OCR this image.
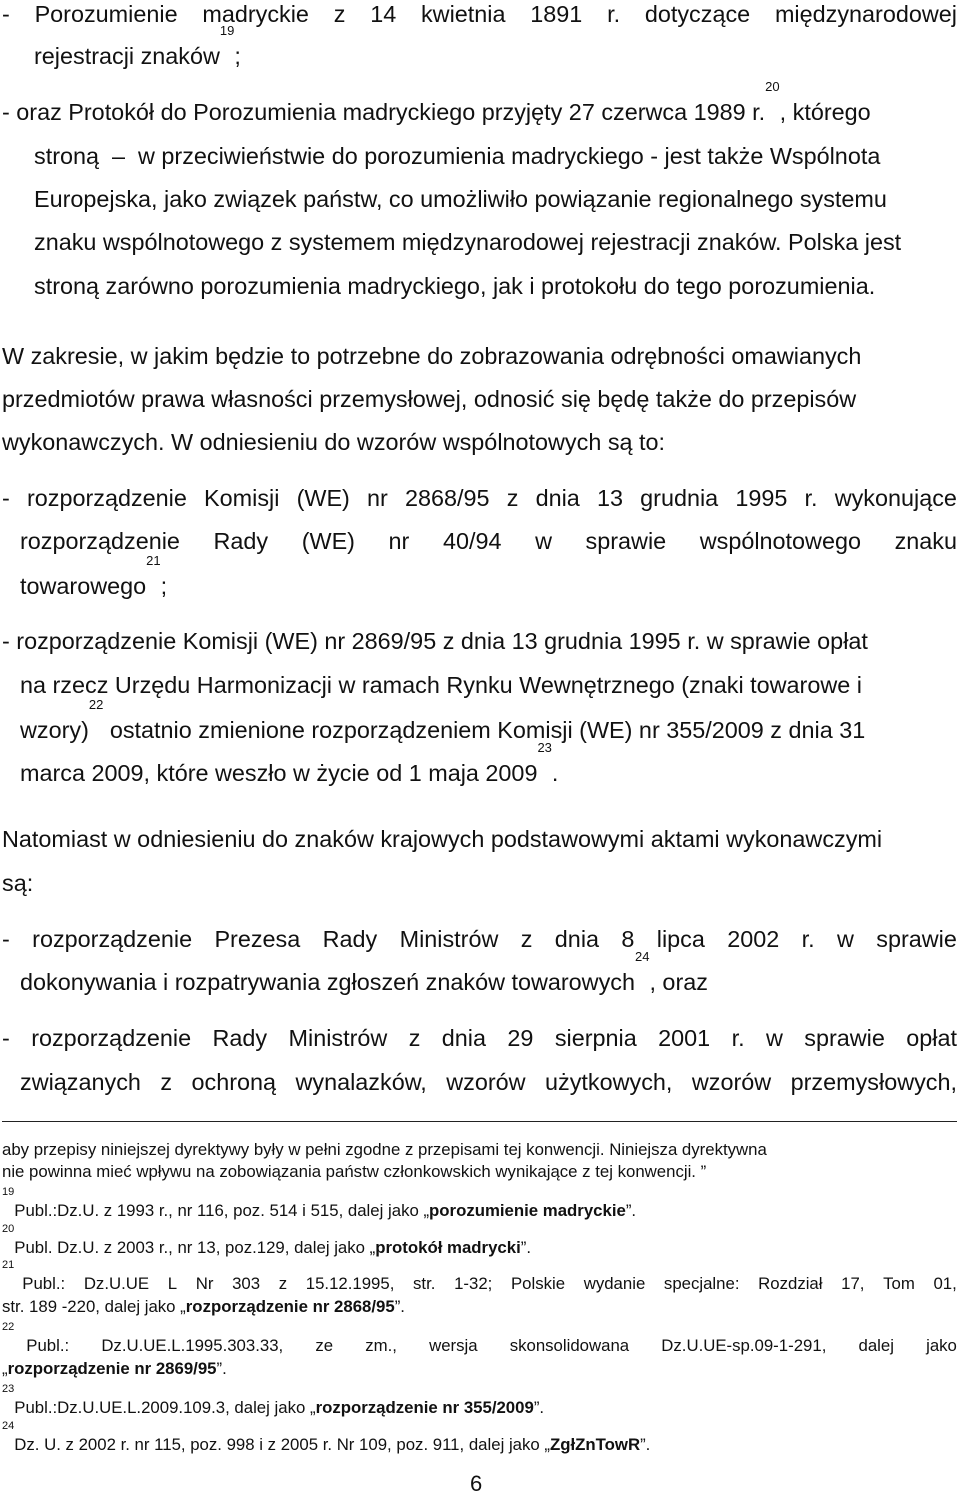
- Porozumienie madryckie z 14 kwietnia 1891 r. dotyczące międzynarodowej
rejestracji znaków
$^{19}$
;
- oraz Protokół do Porozumienia madryckiego przyjęty 27 czerwca 1989 r.
$^{20}$
, którego
stroną  –  w przeciwieństwie do porozumienia madryckiego - jest także Wspólnota
Europejska, jako związek państw, co umożliwiło powiązanie regionalnego systemu
znaku wspólnotowego z systemem międzynarodowej rejestracji znaków. Polska jest
stroną zarówno porozumienia madryckiego, jak i protokołu do tego porozumienia.
W zakresie, w jakim będzie to potrzebne do zobrazowania odrębności omawianych
przedmiotów prawa własności przemysłowej, odnosić się będę także do przepisów
wykonawczych. W odniesieniu do wzorów wspólnotowych są to:
- rozporządzenie Komisji (WE) nr 2868/95 z dnia 13 grudnia 1995 r. wykonujące
rozporządzenie Rady (WE) nr 40/94 w sprawie wspólnotowego znaku
towarowego
$^{21}$
;
- rozporządzenie Komisji (WE) nr 2869/95 z dnia 13 grudnia 1995 r. w sprawie opłat
na rzecz Urzędu Harmonizacji w ramach Rynku Wewnętrznego (znaki towarowe i
wzory)
$^{22}$
ostatnio zmienione rozporządzeniem Komisji (WE) nr 355/2009 z dnia 31
marca 2009, które weszło w życie od 1 maja 2009
$^{23}$
.
Natomiast w odniesieniu do znaków krajowych podstawowymi aktami wykonawczymi
są:
- rozporządzenie Prezesa Rady Ministrów z dnia 8 lipca 2002 r. w sprawie
dokonywania i rozpatrywania zgłoszeń znaków towarowych
$^{24}$
, oraz
- rozporządzenie Rady Ministrów z dnia 29 sierpnia 2001 r. w sprawie opłat
związanych z ochroną wynalazków, wzorów użytkowych, wzorów przemysłowych,
aby przepisy niniejszej dyrektywy były w pełni zgodne z przepisami tej konwencji. Niniejsza dyrektywna
nie powinna mieć wpływu na zobowiązania państw członkowskich wynikające z tej konwencji. ”
$^{19}$
Publ.:Dz.U. z 1993 r., nr 116, poz. 514 i 515, dalej jako „ porozumienie madryckie ”.
$^{20}$
Publ. Dz.U. z 2003 r., nr 13, poz.129, dalej jako „ protokół madrycki ”.
$^{21}$
Publ.: Dz.U.UE L Nr 303 z 15.12.1995, str. 1-32; Polskie wydanie specjalne: Rozdział 17, Tom 01,
str. 189 -220, dalej jako „ rozporządzenie nr 2868/95 ”.
$^{22}$
Publ.: Dz.U.UE.L.1995.303.33, ze zm., wersja skonsolidowana Dz.U.UE-sp.09-1-291, dalej jako
„ rozporządzenie nr 2869/95 ”.
$^{23}$
Publ.:Dz.U.UE.L.2009.109.3, dalej jako „ rozporządzenie nr 355/2009 ”.
$^{24}$
Dz. U. z 2002 r. nr 115, poz. 998 i z 2005 r. Nr 109, poz. 911, dalej jako „ ZgłZnTowR ”.
6
